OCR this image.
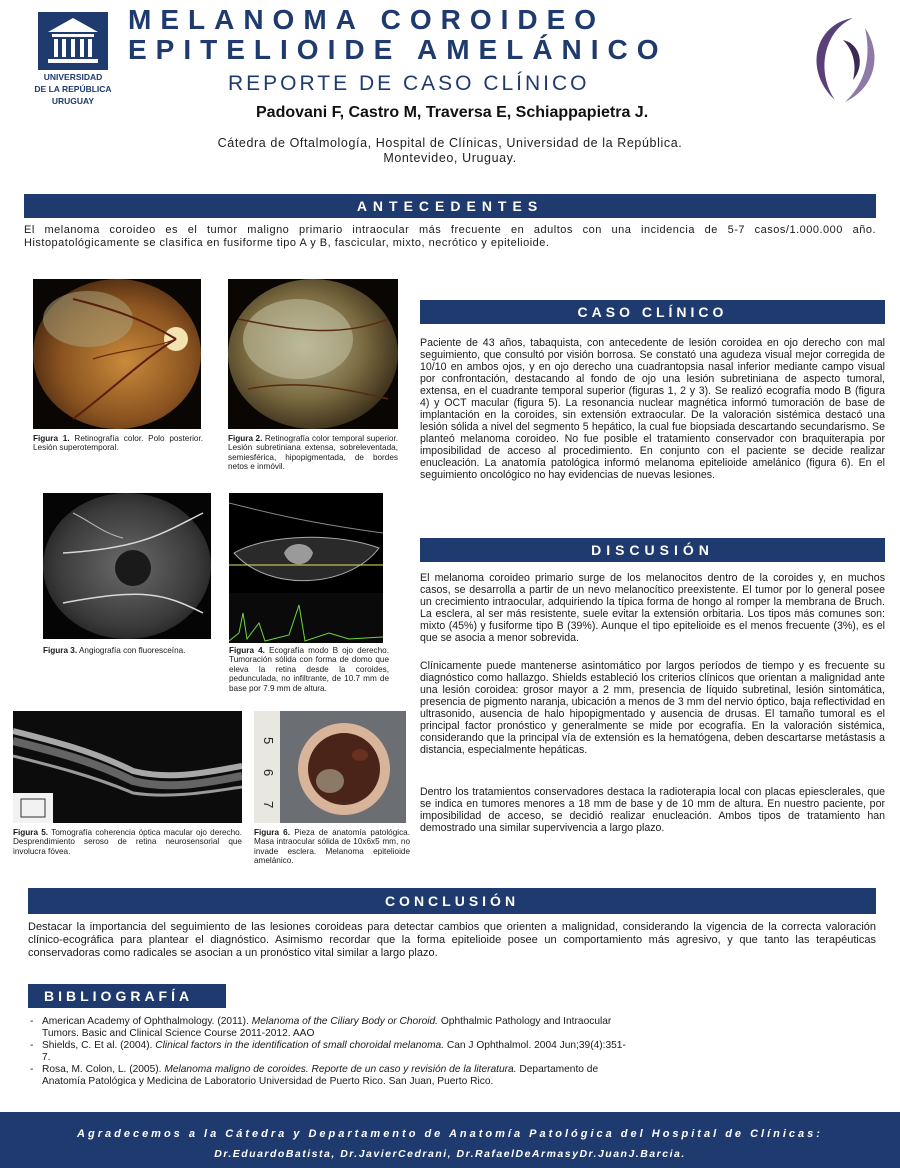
UNIVERSIDAD
DE LA REPÚBLICA
URUGUAY
MELANOMA COROIDEO
EPITELIOIDE AMELÁNICO
REPORTE DE CASO CLÍNICO
Padovani F, Castro M, Traversa E, Schiappapietra J.
Cátedra de Oftalmología, Hospital de Clínicas, Universidad de la República.
Montevideo, Uruguay.
ANTECEDENTES
El melanoma coroideo es el tumor maligno primario intraocular más frecuente en adultos con una incidencia de 5-7 casos/1.000.000 año. Histopatológicamente se clasifica en fusiforme tipo A y B, fascicular, mixto, necrótico y epitelioide.
Figura 1. Retinografía color. Polo posterior. Lesión superotemporal.
Figura 2. Retinografía color temporal superior. Lesión subretiniana extensa, sobreleventada, semiesférica, hipopigmentada, de bordes netos e inmóvil.
Figura 3. Angiografía con fluoresceína.	Figura 4. Ecografía modo B ojo derecho. Tumoración sólida con forma de domo que eleva la retina desde la coroides, pedunculada, no infiltrante, de 10.7 mm de base por 7.9 mm de altura.
Figura 5. Tomografía coherencia óptica macular ojo derecho. Desprendimiento seroso de retina neurosensorial que involucra fóvea.
5
6
7
Figura 6. Pieza de anatomía patológica. Masa intraocular sólida de 10x6x5 mm, no invade esclera. Melanoma epitelioide amelánico.
CASO CLÍNICO
Paciente de 43 años, tabaquista, con antecedente de lesión coroidea en ojo derecho con mal seguimiento, que consultó por visión borrosa. Se constató una agudeza visual mejor corregida de 10/10 en ambos ojos, y en ojo derecho una cuadrantopsia nasal inferior mediante campo visual por confrontación, destacando al fondo de ojo una lesión subretiniana de aspecto tumoral, extensa, en el cuadrante temporal superior (figuras 1, 2 y 3). Se realizó ecografía modo B (figura 4) y OCT macular (figura 5). La resonancia nuclear magnética informó tumoración de base de implantación en la coroides, sin extensión extraocular. De la valoración sistémica destacó una lesión sólida a nivel del segmento 5 hepático, la cual fue biopsiada descartando secundarismo. Se planteó melanoma coroideo. No fue posible el tratamiento conservador con braquiterapia por imposibilidad de acceso al procedimiento. En conjunto con el paciente se decide realizar enucleación. La anatomía patológica informó melanoma epitelioide amelánico (figura 6). En el seguimiento oncológico no hay evidencias de nuevas lesiones.
DISCUSIÓN
El melanoma coroideo primario surge de los melanocitos dentro de la coroides y, en muchos casos, se desarrolla a partir de un nevo melanocítico preexistente. El tumor por lo general posee un crecimiento intraocular, adquiriendo la típica forma de hongo al romper la membrana de Bruch. La esclera, al ser más resistente, suele evitar la extensión orbitaria. Los tipos más comunes son: mixto (45%) y fusiforme tipo B (39%). Aunque el tipo epitelioide es el menos frecuente (3%), es el que se asocia a menor sobrevida.
Clínicamente puede mantenerse asintomático por largos períodos de tiempo y es frecuente su diagnóstico como hallazgo. Shields estableció los criterios clínicos que orientan a malignidad ante una lesión coroidea: grosor mayor a 2 mm, presencia de líquido subretinal, lesión sintomática, presencia de pigmento naranja, ubicación a menos de 3 mm del nervio óptico, baja reflectividad en ultrasonido, ausencia de halo hipopigmentado y ausencia de drusas. El tamaño tumoral es el principal factor pronóstico y generalmente se mide por ecografía. En la valoración sistémica, considerando que la principal vía de extensión es la hematógena, deben descartarse metástasis a distancia, especialmente hepáticas.
Dentro los tratamientos conservadores destaca la radioterapia local con placas epiesclerales, que se indica en tumores menores a 18 mm de base y de 10 mm de altura. En nuestro paciente, por imposibilidad de acceso, se decidió realizar enucleación. Ambos tipos de tratamiento han demostrado una similar supervivencia a largo plazo.
CONCLUSIÓN
Destacar la importancia del seguimiento de las lesiones coroideas para detectar cambios que orienten a malignidad, considerando la vigencia de la correcta valoración clínico-ecográfica para plantear el diagnóstico. Asimismo recordar que la forma epitelioide posee un comportamiento más agresivo, y que tanto las terapéuticas conservadoras como radicales se asocian a un pronóstico vital similar a largo plazo.
BIBLIOGRAFÍA
- American Academy of Ophthalmology. (2011). Melanoma of the Ciliary Body or Choroid. Ophthalmic Pathology and Intraocular Tumors. Basic and Clinical Science Course 2011-2012. AAO
- Shields, C. Et al. (2004). Clinical factors in the identification of small choroidal melanoma. Can J Ophthalmol. 2004 Jun;39(4):351-7.
- Rosa, M. Colon, L. (2005). Melanoma maligno de coroides. Reporte de un caso y revisión de la literatura. Departamento de Anatomía Patológica y Medicina de Laboratorio Universidad de Puerto Rico. San Juan, Puerto Rico.
Agradecemos a la Cátedra y Departamento de Anatomía Patológica del Hospital de Clínicas:
Dr.EduardoBatista, Dr.JavierCedrani, Dr.RafaelDeArmasyDr.JuanJ.Barcia.
